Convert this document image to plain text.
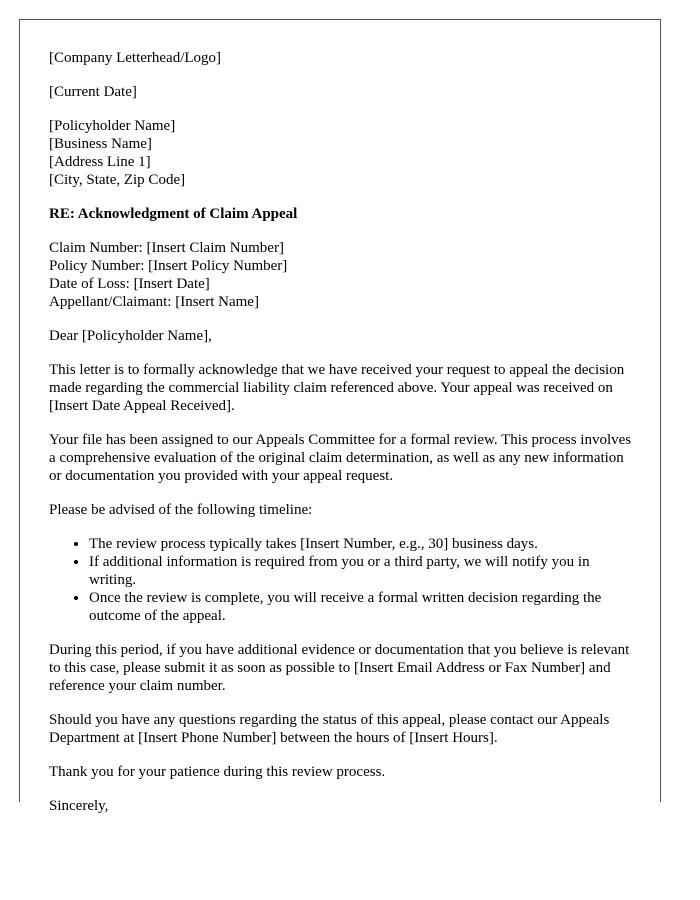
[Company Letterhead/Logo]

[Current Date]

[Policyholder Name]
[Business Name]
[Address Line 1]
[City, State, Zip Code]

RE: Acknowledgment of Claim Appeal

Claim Number: [Insert Claim Number]
Policy Number: [Insert Policy Number]
Date of Loss: [Insert Date]
Appellant/Claimant: [Insert Name]

Dear [Policyholder Name],

This letter is to formally acknowledge that we have received your request to appeal the decision made regarding the commercial liability claim referenced above. Your appeal was received on [Insert Date Appeal Received].

Your file has been assigned to our Appeals Committee for a formal review. This process involves a comprehensive evaluation of the original claim determination, as well as any new information or documentation you provided with your appeal request.

Please be advised of the following timeline:

• The review process typically takes [Insert Number, e.g., 30] business days.
• If additional information is required from you or a third party, we will notify you in writing.
• Once the review is complete, you will receive a formal written decision regarding the outcome of the appeal.

During this period, if you have additional evidence or documentation that you believe is relevant to this case, please submit it as soon as possible to [Insert Email Address or Fax Number] and reference your claim number.

Should you have any questions regarding the status of this appeal, please contact our Appeals Department at [Insert Phone Number] between the hours of [Insert Hours].

Thank you for your patience during this review process.

Sincerely,
